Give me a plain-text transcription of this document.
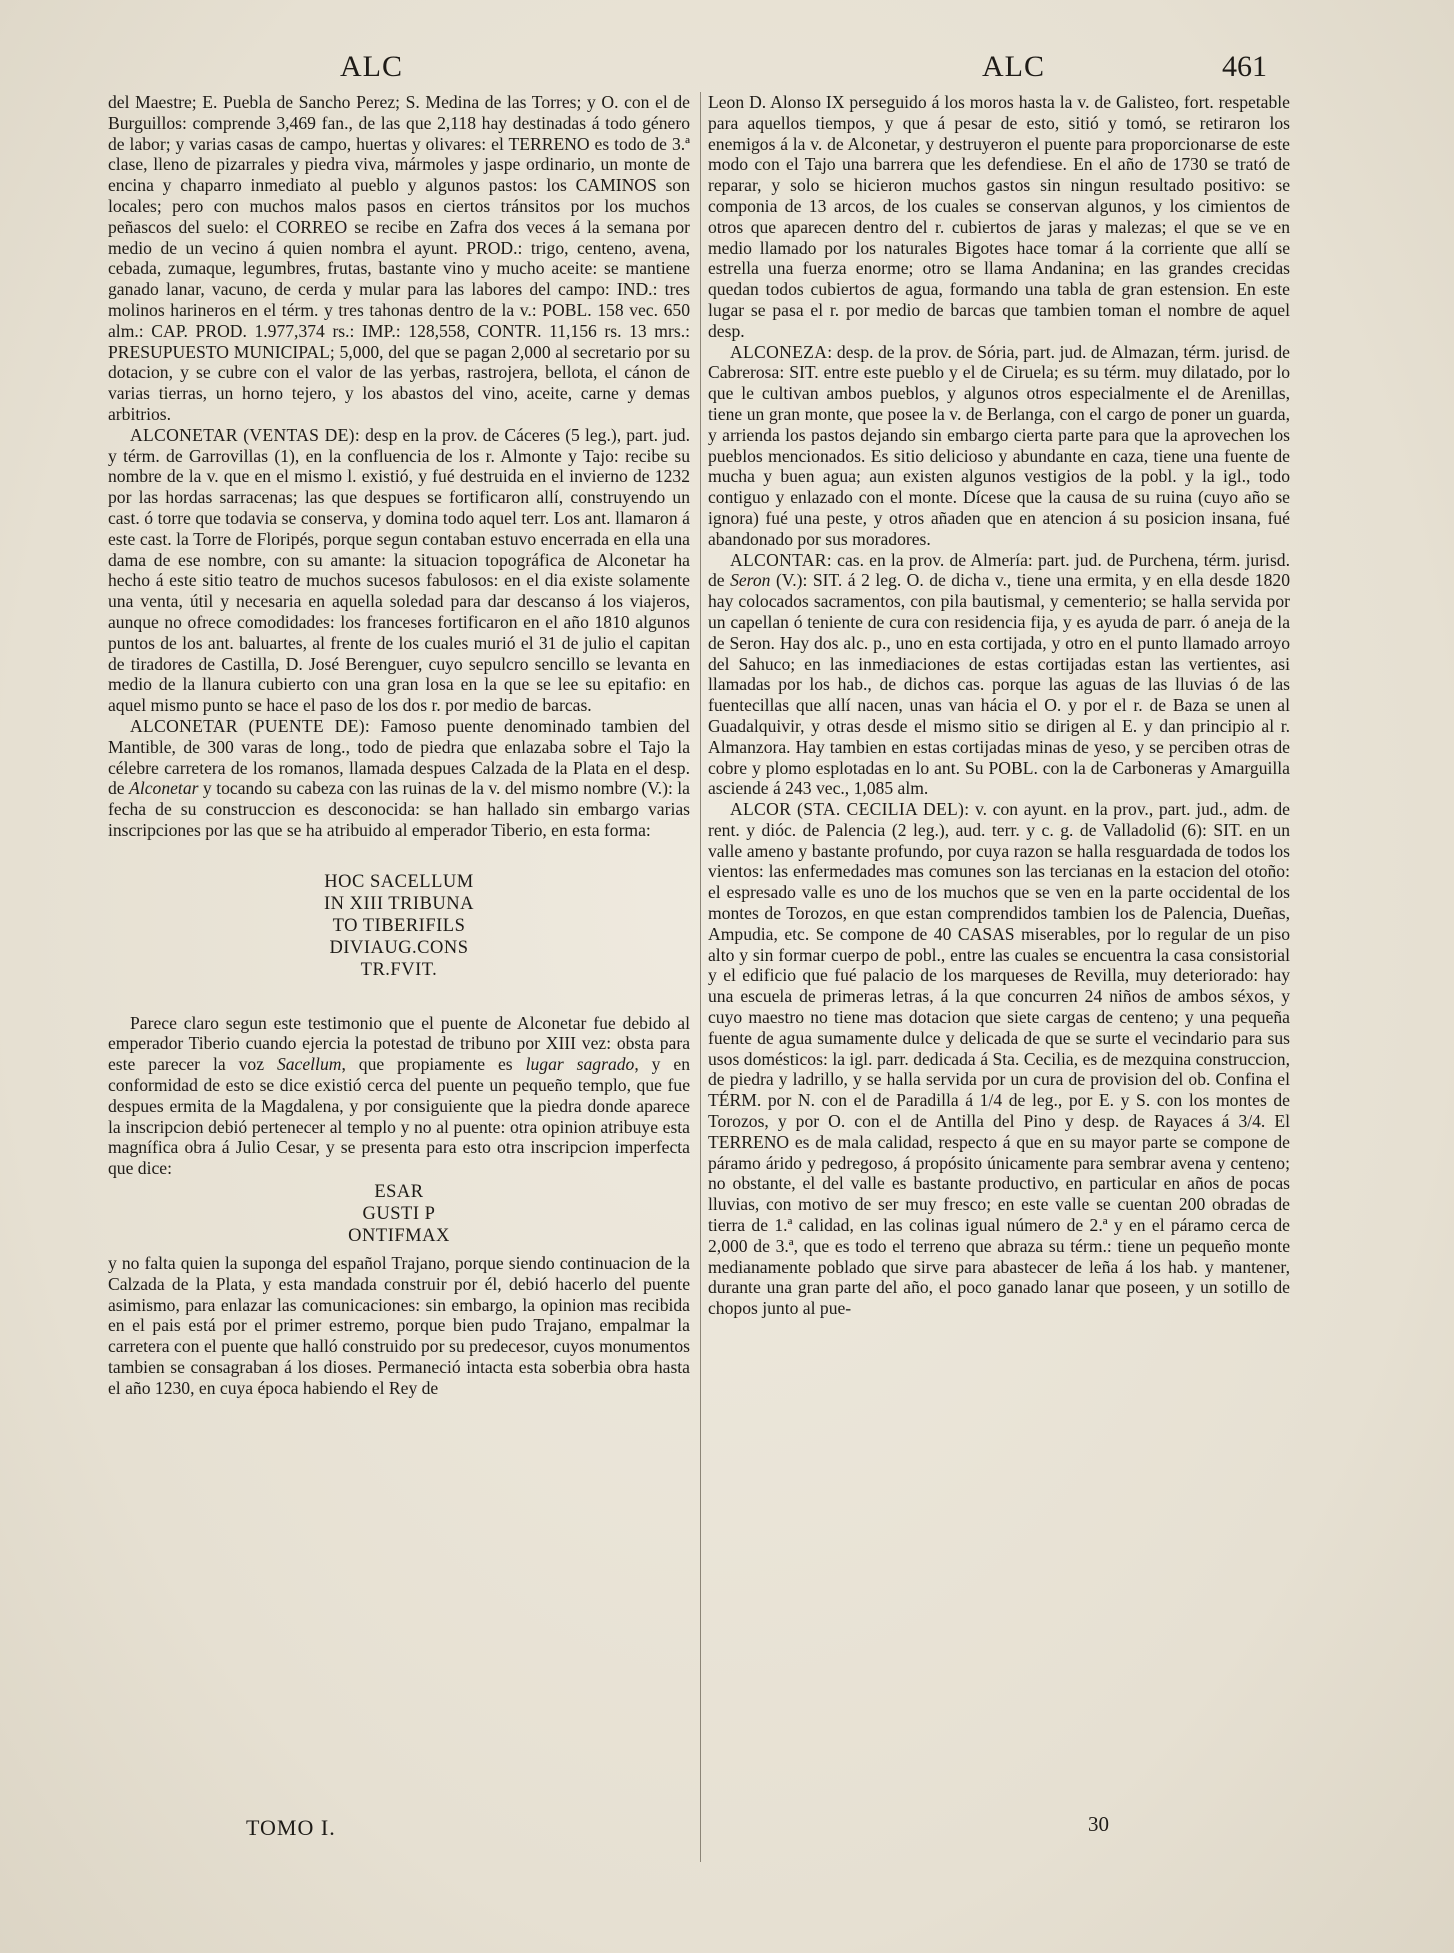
ALC	ALC	461

del Maestre; E. Puebla de Sancho Perez; S. Medina de las Torres; y O. con el de Burguillos: comprende 3,469 fan., de las que 2,118 hay destinadas á todo género de labor; y varias casas de campo, huertas y olivares: el TERRENO es todo de 3.ª clase, lleno de pizarrales y piedra viva, mármoles y jaspe ordinario, un monte de encina y chaparro inmediato al pueblo y algunos pastos: los CAMINOS son locales; pero con muchos malos pasos en ciertos tránsitos por los muchos peñascos del suelo: el CORREO se recibe en Zafra dos veces á la semana por medio de un vecino á quien nombra el ayunt. PROD.: trigo, centeno, avena, cebada, zumaque, legumbres, frutas, bastante vino y mucho aceite: se mantiene ganado lanar, vacuno, de cerda y mular para las labores del campo: IND.: tres molinos harineros en el térm. y tres tahonas dentro de la v.: POBL. 158 vec. 650 alm.: CAP. PROD. 1.977,374 rs.: IMP.: 128,558, CONTR. 11,156 rs. 13 mrs.: PRESUPUESTO MUNICIPAL; 5,000, del que se pagan 2,000 al secretario por su dotacion, y se cubre con el valor de las yerbas, rastrojera, bellota, el cánon de varias tierras, un horno tejero, y los abastos del vino, aceite, carne y demas arbitrios.

ALCONETAR (VENTAS DE): desp en la prov. de Cáceres (5 leg.), part. jud. y térm. de Garrovillas (1), en la confluencia de los r. Almonte y Tajo: recibe su nombre de la v. que en el mismo l. existió, y fué destruida en el invierno de 1232 por las hordas sarracenas; las que despues se fortificaron allí, construyendo un cast. ó torre que todavia se conserva, y domina todo aquel terr. Los ant. llamaron á este cast. la Torre de Floripés, porque segun contaban estuvo encerrada en ella una dama de ese nombre, con su amante: la situacion topográfica de Alconetar ha hecho á este sitio teatro de muchos sucesos fabulosos: en el dia existe solamente una venta, útil y necesaria en aquella soledad para dar descanso á los viajeros, aunque no ofrece comodidades: los franceses fortificaron en el año 1810 algunos puntos de los ant. baluartes, al frente de los cuales murió el 31 de julio el capitan de tiradores de Castilla, D. José Berenguer, cuyo sepulcro sencillo se levanta en medio de la llanura cubierto con una gran losa en la que se lee su epitafio: en aquel mismo punto se hace el paso de los dos r. por medio de barcas.

ALCONETAR (PUENTE DE): Famoso puente denominado tambien del Mantible, de 300 varas de long., todo de piedra que enlazaba sobre el Tajo la célebre carretera de los romanos, llamada despues Calzada de la Plata en el desp. de Alconetar y tocando su cabeza con las ruinas de la v. del mismo nombre (V.): la fecha de su construccion es desconocida: se han hallado sin embargo varias inscripciones por las que se ha atribuido al emperador Tiberio, en esta forma:

HOC SACELLUM
IN XIII TRIBUNA
TO TIBERIFILS
DIVIAUG.CONS
TR.FVIT.

Parece claro segun este testimonio que el puente de Alconetar fue debido al emperador Tiberio cuando ejercia la potestad de tribuno por XIII vez: obsta para este parecer la voz Sacellum, que propiamente es lugar sagrado, y en conformidad de esto se dice existió cerca del puente un pequeño templo, que fue despues ermita de la Magdalena, y por consiguiente que la piedra donde aparece la inscripcion debió pertenecer al templo y no al puente: otra opinion atribuye esta magnífica obra á Julio Cesar, y se presenta para esto otra inscripcion imperfecta que dice:

ESAR
GUSTI P
ONTIFMAX

y no falta quien la suponga del español Trajano, porque siendo continuacion de la Calzada de la Plata, y esta mandada construir por él, debió hacerlo del puente asimismo, para enlazar las comunicaciones: sin embargo, la opinion mas recibida en el pais está por el primer estremo, porque bien pudo Trajano, empalmar la carretera con el puente que halló construido por su predecesor, cuyos monumentos tambien se consagraban á los dioses. Permaneció intacta esta soberbia obra hasta el año 1230, en cuya época habiendo el Rey de

Leon D. Alonso IX perseguido á los moros hasta la v. de Galisteo, fort. respetable para aquellos tiempos, y que á pesar de esto, sitió y tomó, se retiraron los enemigos á la v. de Alconetar, y destruyeron el puente para proporcionarse de este modo con el Tajo una barrera que les defendiese. En el año de 1730 se trató de reparar, y solo se hicieron muchos gastos sin ningun resultado positivo: se componia de 13 arcos, de los cuales se conservan algunos, y los cimientos de otros que aparecen dentro del r. cubiertos de jaras y malezas; el que se ve en medio llamado por los naturales Bigotes hace tomar á la corriente que allí se estrella una fuerza enorme; otro se llama Andanina; en las grandes crecidas quedan todos cubiertos de agua, formando una tabla de gran estension. En este lugar se pasa el r. por medio de barcas que tambien toman el nombre de aquel desp.

ALCONEZA: desp. de la prov. de Sória, part. jud. de Almazan, térm. jurisd. de Cabrerosa: SIT. entre este pueblo y el de Ciruela; es su térm. muy dilatado, por lo que le cultivan ambos pueblos, y algunos otros especialmente el de Arenillas, tiene un gran monte, que posee la v. de Berlanga, con el cargo de poner un guarda, y arrienda los pastos dejando sin embargo cierta parte para que la aprovechen los pueblos mencionados. Es sitio delicioso y abundante en caza, tiene una fuente de mucha y buen agua; aun existen algunos vestigios de la pobl. y la igl., todo contiguo y enlazado con el monte. Dícese que la causa de su ruina (cuyo año se ignora) fué una peste, y otros añaden que en atencion á su posicion insana, fué abandonado por sus moradores.

ALCONTAR: cas. en la prov. de Almería: part. jud. de Purchena, térm. jurisd. de Seron (V.): SIT. á 2 leg. O. de dicha v., tiene una ermita, y en ella desde 1820 hay colocados sacramentos, con pila bautismal, y cementerio; se halla servida por un capellan ó teniente de cura con residencia fija, y es ayuda de parr. ó aneja de la de Seron. Hay dos alc. p., uno en esta cortijada, y otro en el punto llamado arroyo del Sahuco; en las inmediaciones de estas cortijadas estan las vertientes, asi llamadas por los hab., de dichos cas. porque las aguas de las lluvias ó de las fuentecillas que allí nacen, unas van hácia el O. y por el r. de Baza se unen al Guadalquivir, y otras desde el mismo sitio se dirigen al E. y dan principio al r. Almanzora. Hay tambien en estas cortijadas minas de yeso, y se perciben otras de cobre y plomo esplotadas en lo ant. Su POBL. con la de Carboneras y Amarguilla asciende á 243 vec., 1,085 alm.

ALCOR (STA. CECILIA DEL): v. con ayunt. en la prov., part. jud., adm. de rent. y dióc. de Palencia (2 leg.), aud. terr. y c. g. de Valladolid (6): SIT. en un valle ameno y bastante profundo, por cuya razon se halla resguardada de todos los vientos: las enfermedades mas comunes son las tercianas en la estacion del otoño: el espresado valle es uno de los muchos que se ven en la parte occidental de los montes de Torozos, en que estan comprendidos tambien los de Palencia, Dueñas, Ampudia, etc. Se compone de 40 CASAS miserables, por lo regular de un piso alto y sin formar cuerpo de pobl., entre las cuales se encuentra la casa consistorial y el edificio que fué palacio de los marqueses de Revilla, muy deteriorado: hay una escuela de primeras letras, á la que concurren 24 niños de ambos séxos, y cuyo maestro no tiene mas dotacion que siete cargas de centeno; y una pequeña fuente de agua sumamente dulce y delicada de que se surte el vecindario para sus usos domésticos: la igl. parr. dedicada á Sta. Cecilia, es de mezquina construccion, de piedra y ladrillo, y se halla servida por un cura de provision del ob. Confina el TÉRM. por N. con el de Paradilla á 1/4 de leg., por E. y S. con los montes de Torozos, y por O. con el de Antilla del Pino y desp. de Rayaces á 3/4. El TERRENO es de mala calidad, respecto á que en su mayor parte se compone de páramo árido y pedregoso, á propósito únicamente para sembrar avena y centeno; no obstante, el del valle es bastante productivo, en particular en años de pocas lluvias, con motivo de ser muy fresco; en este valle se cuentan 200 obradas de tierra de 1.ª calidad, en las colinas igual número de 2.ª y en el páramo cerca de 2,000 de 3.ª, que es todo el terreno que abraza su térm.: tiene un pequeño monte medianamente poblado que sirve para abastecer de leña á los hab. y mantener, durante una gran parte del año, el poco ganado lanar que poseen, y un sotillo de chopos junto al pue-

TOMO I.	30
